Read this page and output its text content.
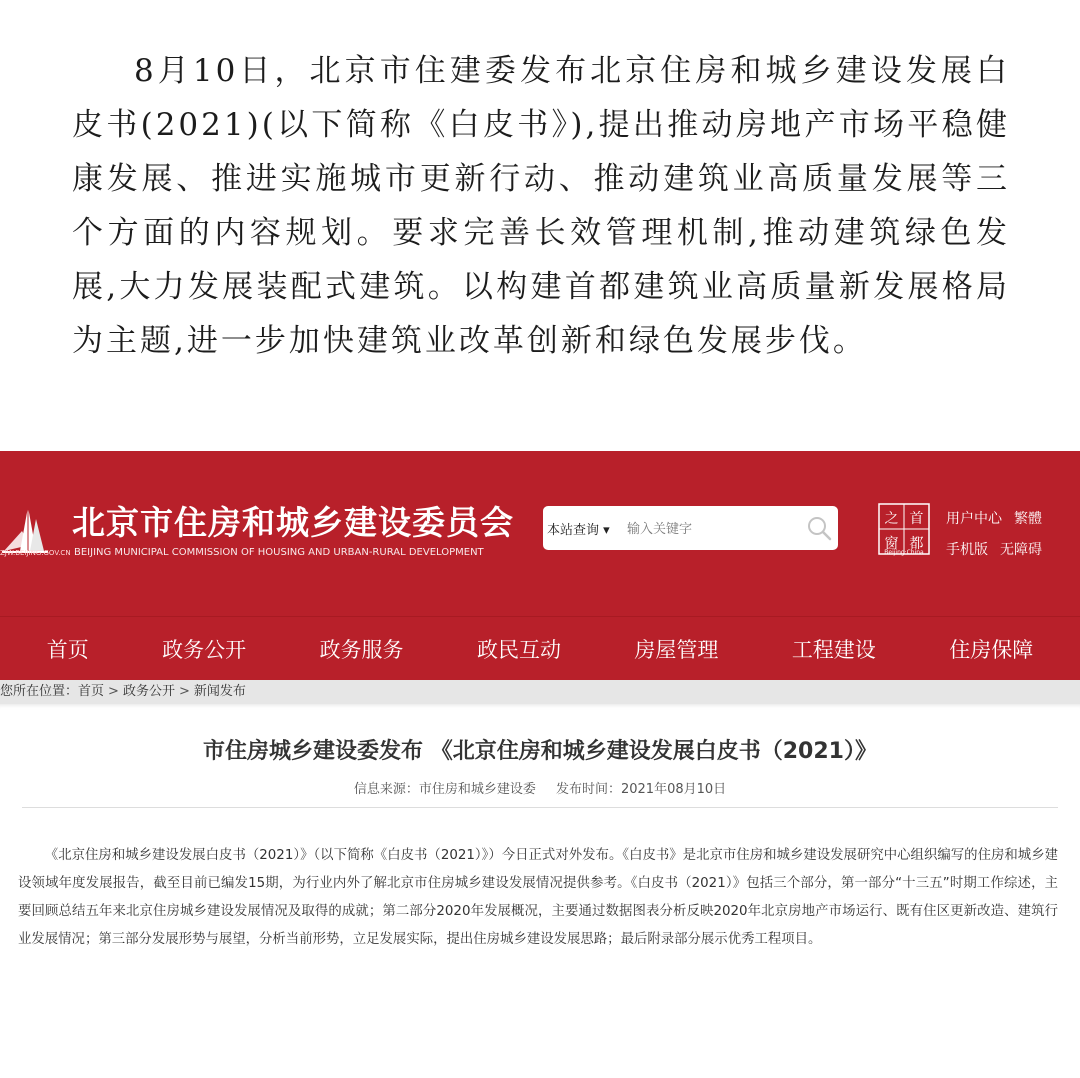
8月10日，北京市住建委发布北京住房和城乡建设发展白皮书(2021)(以下简称《白皮书》),提出推动房地产市场平稳健康发展、推进实施城市更新行动、推动建筑业高质量发展等三个方面的内容规划。要求完善长效管理机制,推动建筑绿色发展,大力发展装配式建筑。以构建首都建筑业高质量新发展格局为主题,进一步加快建筑业改革创新和绿色发展步伐。

ZJW.BEIJING.GOV.CN
北京市住房和城乡建设委员会
BEIJING MUNICIPAL COMMISSION OF HOUSING AND URBAN-RURAL DEVELOPMENT
本站查询 ▾
输入关键字
之 首
窗 都
Beijing·China
用户中心 繁體
手机版 无障碍
首页	政务公开	政务服务	政民互动	房屋管理	工程建设	住房保障
您所在位置：首页 > 政务公开 > 新闻发布
市住房城乡建设委发布 《北京住房和城乡建设发展白皮书（2021）》
信息来源：市住房和城乡建设委 发布时间：2021年08月10日

《北京住房和城乡建设发展白皮书（2021）》（以下简称《白皮书（2021）》）今日正式对外发布。《白皮书》是北京市住房和城乡建设发展研究中心组织编写的住房和城乡建设领域年度发展报告，截至目前已编发15期，为行业内外了解北京市住房城乡建设发展情况提供参考。《白皮书（2021）》包括三个部分，第一部分“十三五”时期工作综述，主要回顾总结五年来北京住房城乡建设发展情况及取得的成就；第二部分2020年发展概况，主要通过数据图表分析反映2020年北京房地产市场运行、既有住区更新改造、建筑行业发展情况；第三部分发展形势与展望，分析当前形势，立足发展实际，提出住房城乡建设发展思路；最后附录部分展示优秀工程项目。
